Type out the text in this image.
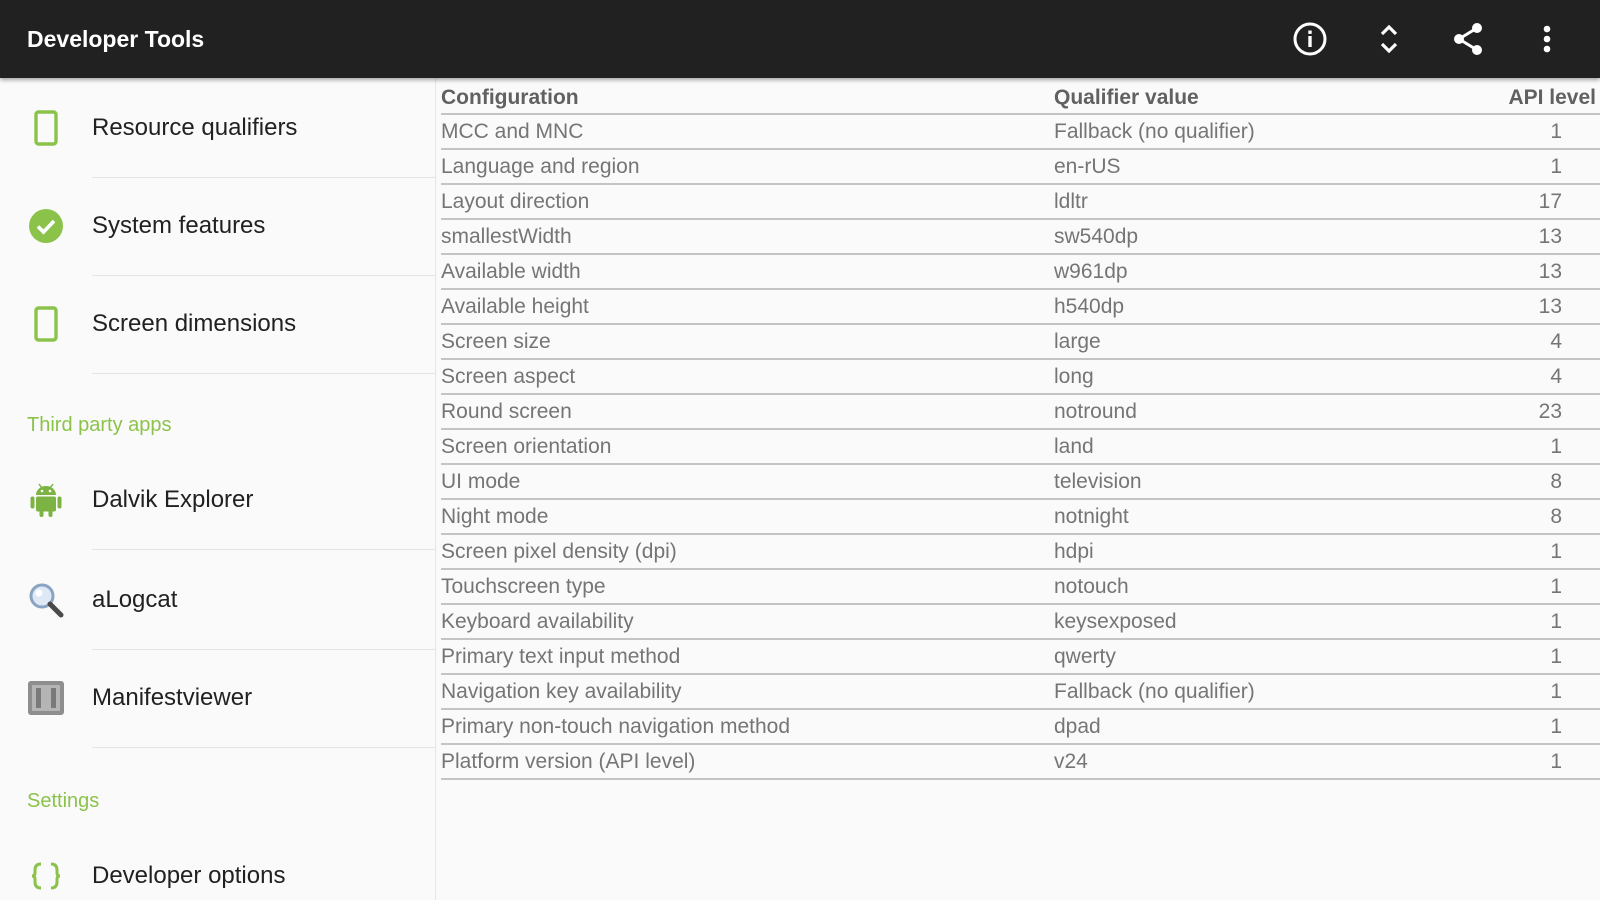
Developer Tools
Resource qualifiers
System features
Screen dimensions
Third party apps
Dalvik Explorer
aLogcat
Manifestviewer
Settings
Developer options
Configuration	Qualifier value	API level
MCC and MNC	Fallback (no qualifier)	1
Language and region	en-rUS	1
Layout direction	ldltr	17
smallestWidth	sw540dp	13
Available width	w961dp	13
Available height	h540dp	13
Screen size	large	4
Screen aspect	long	4
Round screen	notround	23
Screen orientation	land	1
UI mode	television	8
Night mode	notnight	8
Screen pixel density (dpi)	hdpi	1
Touchscreen type	notouch	1
Keyboard availability	keysexposed	1
Primary text input method	qwerty	1
Navigation key availability	Fallback (no qualifier)	1
Primary non-touch navigation method	dpad	1
Platform version (API level)	v24	1
